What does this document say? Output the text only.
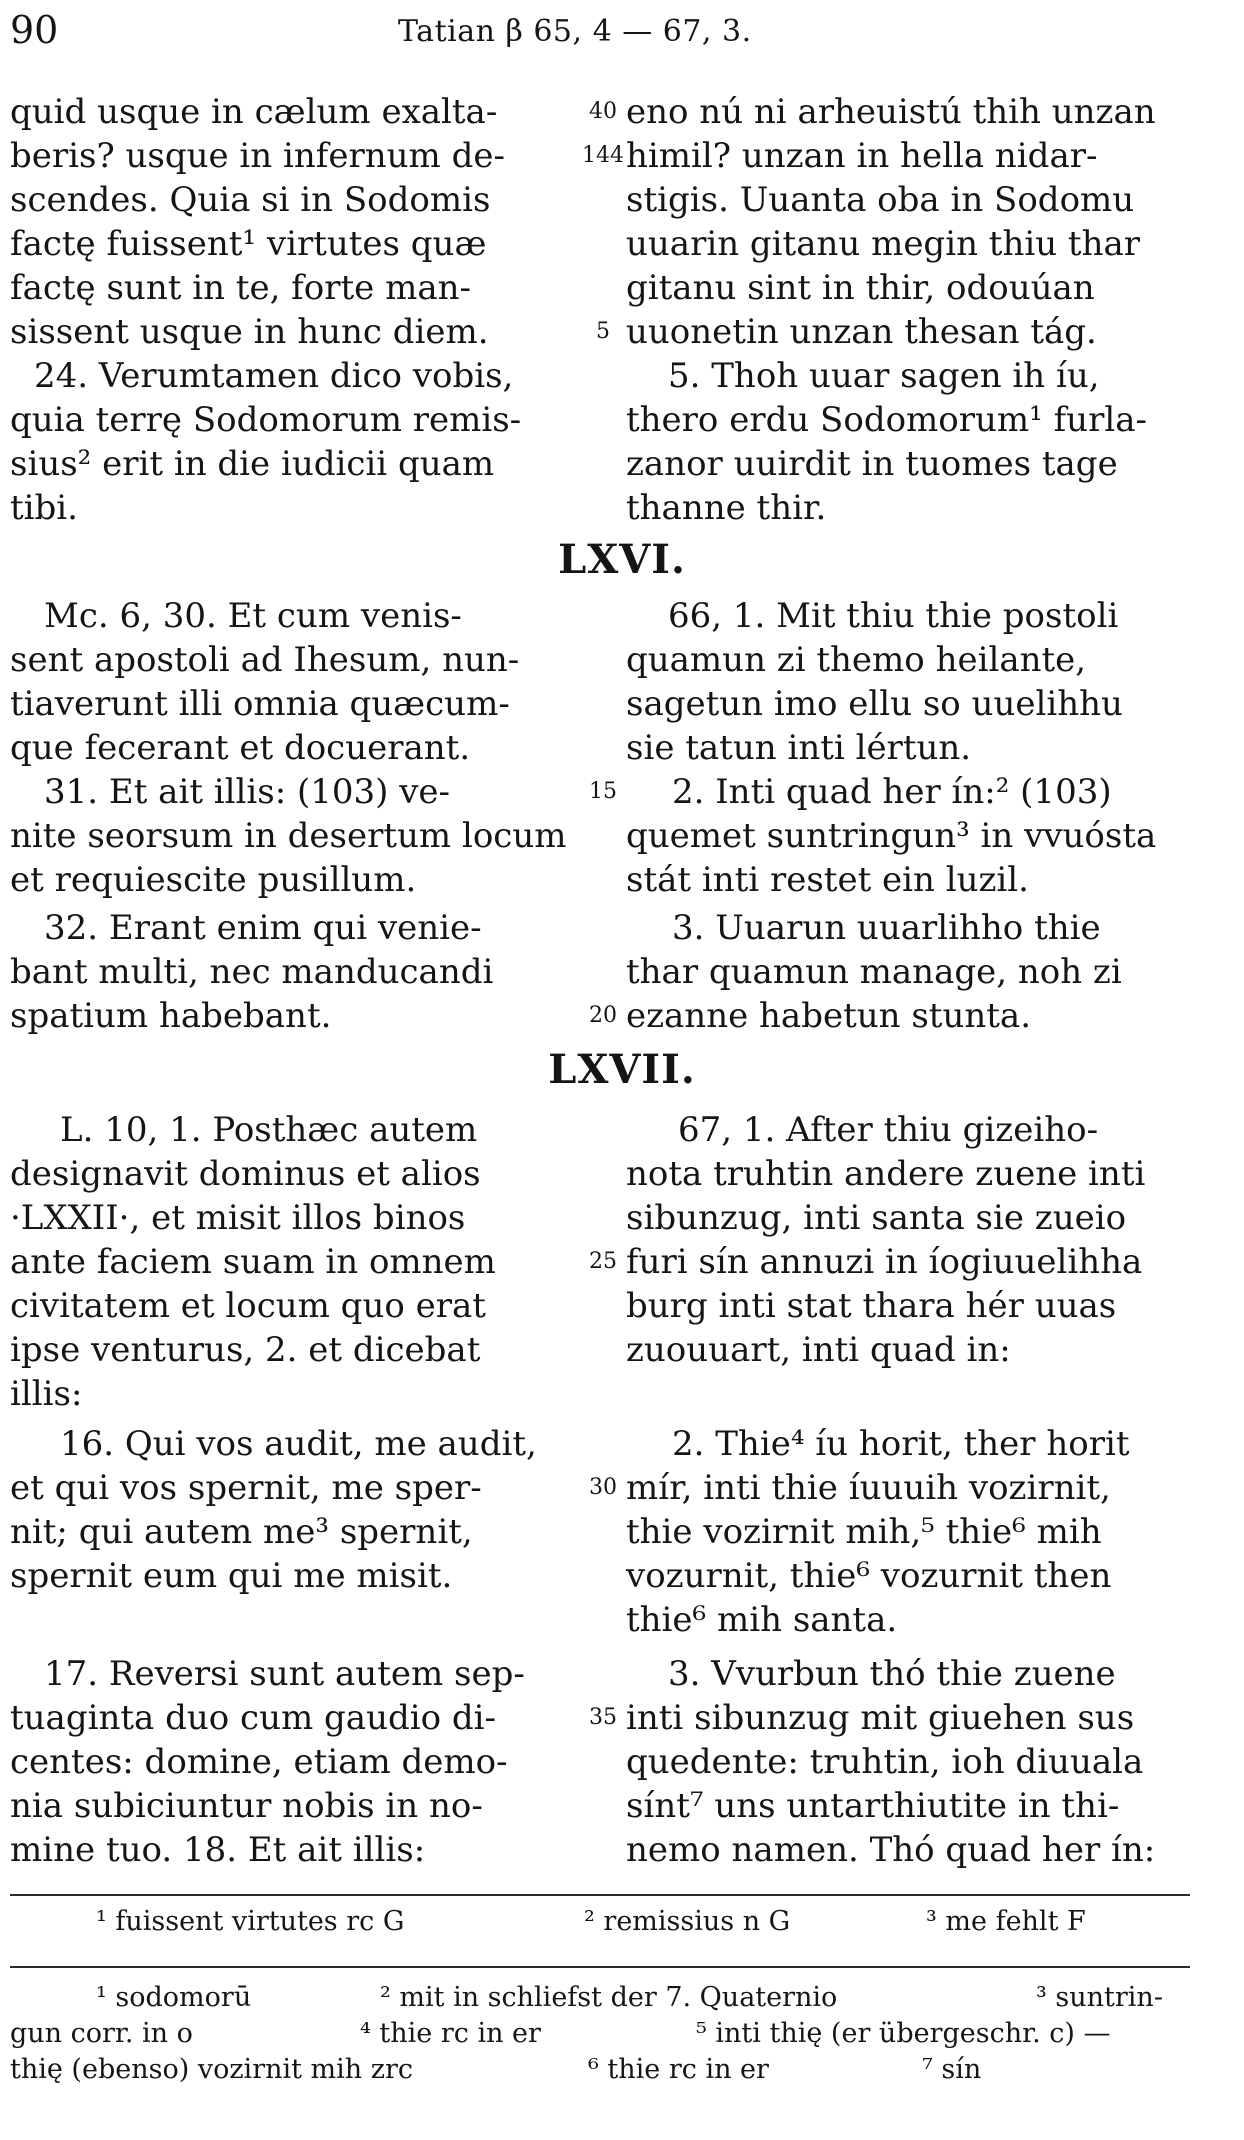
90	Tatian β 65, 4 — 67, 3.
quid usque in cælum exalta-
beris? usque in infernum de-
scendes. Quia si in Sodomis
factę fuissent¹ virtutes quæ
factę sunt in te, forte man-
sissent usque in hunc diem.
24. Verumtamen dico vobis,
quia terrę Sodomorum remis-
sius² erit in die iudicii quam
tibi.
LXVI.
Mc. 6, 30. Et cum venis-
sent apostoli ad Ihesum, nun-
tiaverunt illi omnia quæcum-
que fecerant et docuerant.
31. Et ait illis: (103) ve-
nite seorsum in desertum locum
et requiescite pusillum.
32. Erant enim qui venie-
bant multi, nec manducandi
spatium habebant.
LXVII.
L. 10, 1. Posthæc autem
designavit dominus et alios
·LXXII·, et misit illos binos
ante faciem suam in omnem
civitatem et locum quo erat
ipse venturus, 2. et dicebat
illis:
16. Qui vos audit, me audit,
et qui vos spernit, me sper-
nit; qui autem me³ spernit,
spernit eum qui me misit.
17. Reversi sunt autem sep-
tuaginta duo cum gaudio di-
centes: domine, etiam demo-
nia subiciuntur nobis in no-
mine tuo. 18. Et ait illis:
eno nú ni arheuistú thih unzan
himil? unzan in hella nidar-
stigis. Uuanta oba in Sodomu
uuarin gitanu megin thiu thar
gitanu sint in thir, odouúan
uuonetin unzan thesan tág.
5. Thoh uuar sagen ih íu,
thero erdu Sodomorum¹ furla-
zanor uuirdit in tuomes tage
thanne thir.
66, 1. Mit thiu thie postoli
quamun zi themo heilante,
sagetun imo ellu so uuelihhu
sie tatun inti lértun.
2. Inti quad her ín:² (103)
quemet suntringun³ in vvuósta
stát inti restet ein luzil.
3. Uuarun uuarlihho thie
thar quamun manage, noh zi
ezanne habetun stunta.
67, 1. After thiu gizeiho-
nota truhtin andere zuene inti
sibunzug, inti santa sie zueio
furi sín annuzi in íogiuuelihha
burg inti stat thara hér uuas
zuouuart, inti quad in:
2. Thie⁴ íu horit, ther horit
mír, inti thie íuuuih vozirnit,
thie vozirnit mih,⁵ thie⁶ mih
vozurnit, thie⁶ vozurnit then
thie⁶ mih santa.
3. Vvurbun thó thie zuene
inti sibunzug mit giuehen sus
quedente: truhtin, ioh diuuala
sínt⁷ uns untarthiutite in thi-
nemo namen. Thó quad her ín:
40
144
5
15
20
25
30
35
¹ fuissent virtutes rc G	² remissius n G	³ me fehlt F
¹ sodomorū	² mit in schliefst der 7. Quaternio	³ suntrin-
gun corr. in o	⁴ thie rc in er	⁵ inti thię (er übergeschr. c) —
thię (ebenso) vozirnit mih zrc	⁶ thie rc in er	⁷ sín
